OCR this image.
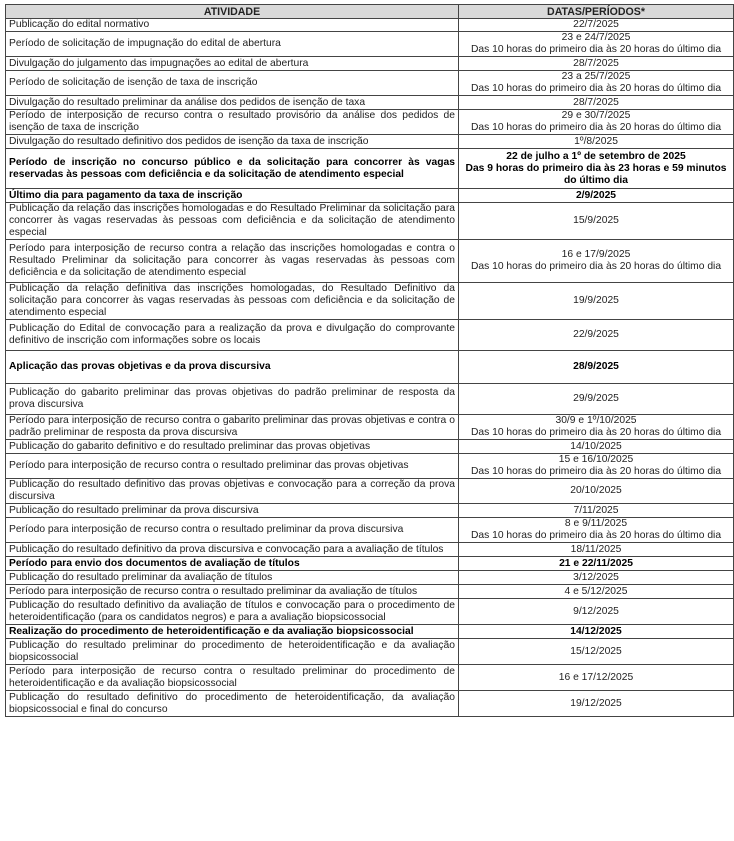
ATIVIDADE	DATAS/PERÍODOS*
Publicação do edital normativo	22/7/2025

Período de solicitação de impugnação do edital de abertura	23 e 24/7/2025
Das 10 horas do primeiro dia às 20 horas do último dia

Divulgação do julgamento das impugnações ao edital de abertura	28/7/2025

Período de solicitação de isenção de taxa de inscrição	23 a 25/7/2025
Das 10 horas do primeiro dia às 20 horas do último dia

Divulgação do resultado preliminar da análise dos pedidos de isenção de taxa	28/7/2025

Período de interposição de recurso contra o resultado provisório da análise dos pedidos de isenção de taxa de inscrição	29 e 30/7/2025
Das 10 horas do primeiro dia às 20 horas do último dia

Divulgação do resultado definitivo dos pedidos de isenção da taxa de inscrição	1º/8/2025

Período de inscrição no concurso público e da solicitação para concorrer às vagas reservadas às pessoas com deficiência e da solicitação de atendimento especial	22 de julho a 1º de setembro de 2025
Das 9 horas do primeiro dia às 23 horas e 59 minutos do último dia

Último dia para pagamento da taxa de inscrição	2/9/2025

Publicação da relação das inscrições homologadas e do Resultado Preliminar da solicitação para concorrer às vagas reservadas às pessoas com deficiência e da solicitação de atendimento especial	15/9/2025

Período para interposição de recurso contra a relação das inscrições homologadas e contra o Resultado Preliminar da solicitação para concorrer às vagas reservadas às pessoas com deficiência e da solicitação de atendimento especial	16 e 17/9/2025
Das 10 horas do primeiro dia às 20 horas do último dia

Publicação da relação definitiva das inscrições homologadas, do Resultado Definitivo da solicitação para concorrer às vagas reservadas às pessoas com deficiência e da solicitação de atendimento especial	19/9/2025

Publicação do Edital de convocação para a realização da prova e divulgação do comprovante definitivo de inscrição com informações sobre os locais	22/9/2025

Aplicação das provas objetivas e da prova discursiva	28/9/2025

Publicação do gabarito preliminar das provas objetivas do padrão preliminar de resposta da prova discursiva	29/9/2025

Período para interposição de recurso contra o gabarito preliminar das provas objetivas e contra o padrão preliminar de resposta da prova discursiva	30/9 e 1º/10/2025
Das 10 horas do primeiro dia às 20 horas do último dia

Publicação do gabarito definitivo e do resultado preliminar das provas objetivas	14/10/2025

Período para interposição de recurso contra o resultado preliminar das provas objetivas	15 e 16/10/2025
Das 10 horas do primeiro dia às 20 horas do último dia

Publicação do resultado definitivo das provas objetivas e convocação para a correção da prova discursiva	20/10/2025

Publicação do resultado preliminar da prova discursiva	7/11/2025

Período para interposição de recurso contra o resultado preliminar da prova discursiva	8 e 9/11/2025
Das 10 horas do primeiro dia às 20 horas do último dia

Publicação do resultado definitivo da prova discursiva e convocação para a avaliação de títulos	18/11/2025

Período para envio dos documentos de avaliação de títulos	21 e 22/11/2025

Publicação do resultado preliminar da avaliação de títulos	3/12/2025

Período para interposição de recurso contra o resultado preliminar da avaliação de títulos	4 e 5/12/2025

Publicação do resultado definitivo da avaliação de títulos e convocação para o procedimento de heteroidentificação (para os candidatos negros) e para a avaliação biopsicossocial	9/12/2025

Realização do procedimento de heteroidentificação e da avaliação biopsicossocial	14/12/2025

Publicação do resultado preliminar do procedimento de heteroidentificação e da avaliação biopsicossocial	15/12/2025

Período para interposição de recurso contra o resultado preliminar do procedimento de heteroidentificação e da avaliação biopsicossocial	16 e 17/12/2025

Publicação do resultado definitivo do procedimento de heteroidentificação, da avaliação biopsicossocial e final do concurso	19/12/2025
